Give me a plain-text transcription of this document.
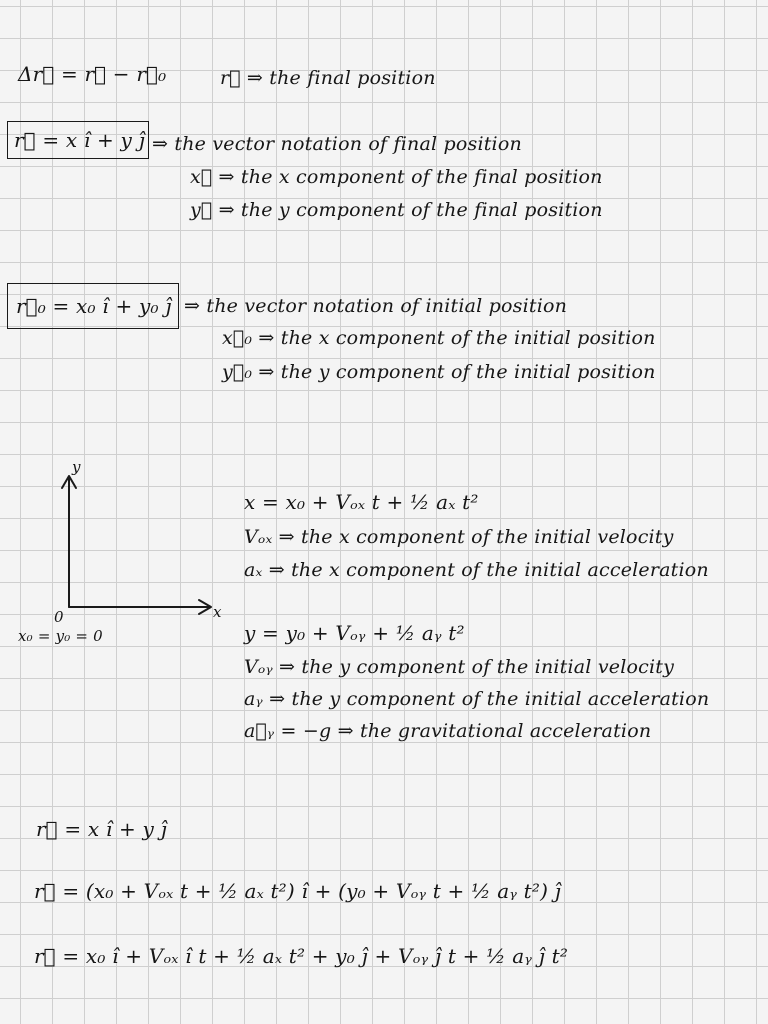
Δr⃗ = r⃗ − r⃗₀	r⃗ ⇒ the final position
r⃗ = x î + y ĵ ⇒ the vector notation of final position
x⃗ ⇒ the x component of the final position
y⃗ ⇒ the y component of the final position
r⃗₀ = x₀ î + y₀ ĵ ⇒ the vector notation of initial position
x⃗₀ ⇒ the x component of the initial position
y⃗₀ ⇒ the y component of the initial position
y
x
0
x₀ = y₀ = 0
x = x₀ + Vₒₓ t + ½ aₓ t²
Vₒₓ ⇒ the x component of the initial velocity
aₓ ⇒ the x component of the initial acceleration
y = y₀ + Vₒᵧ + ½ aᵧ t²
Vₒᵧ ⇒ the y component of the initial velocity
aᵧ ⇒ the y component of the initial acceleration
a⃗ᵧ = −g ⇒ the gravitational acceleration
r⃗ = x î + y ĵ
r⃗ = (x₀ + Vₒₓ t + ½ aₓ t²) î + (y₀ + Vₒᵧ t + ½ aᵧ t²) ĵ
r⃗ = x₀ î + Vₒₓ î t + ½ aₓ t² + y₀ ĵ + Vₒᵧ ĵ t + ½ aᵧ ĵ t²
